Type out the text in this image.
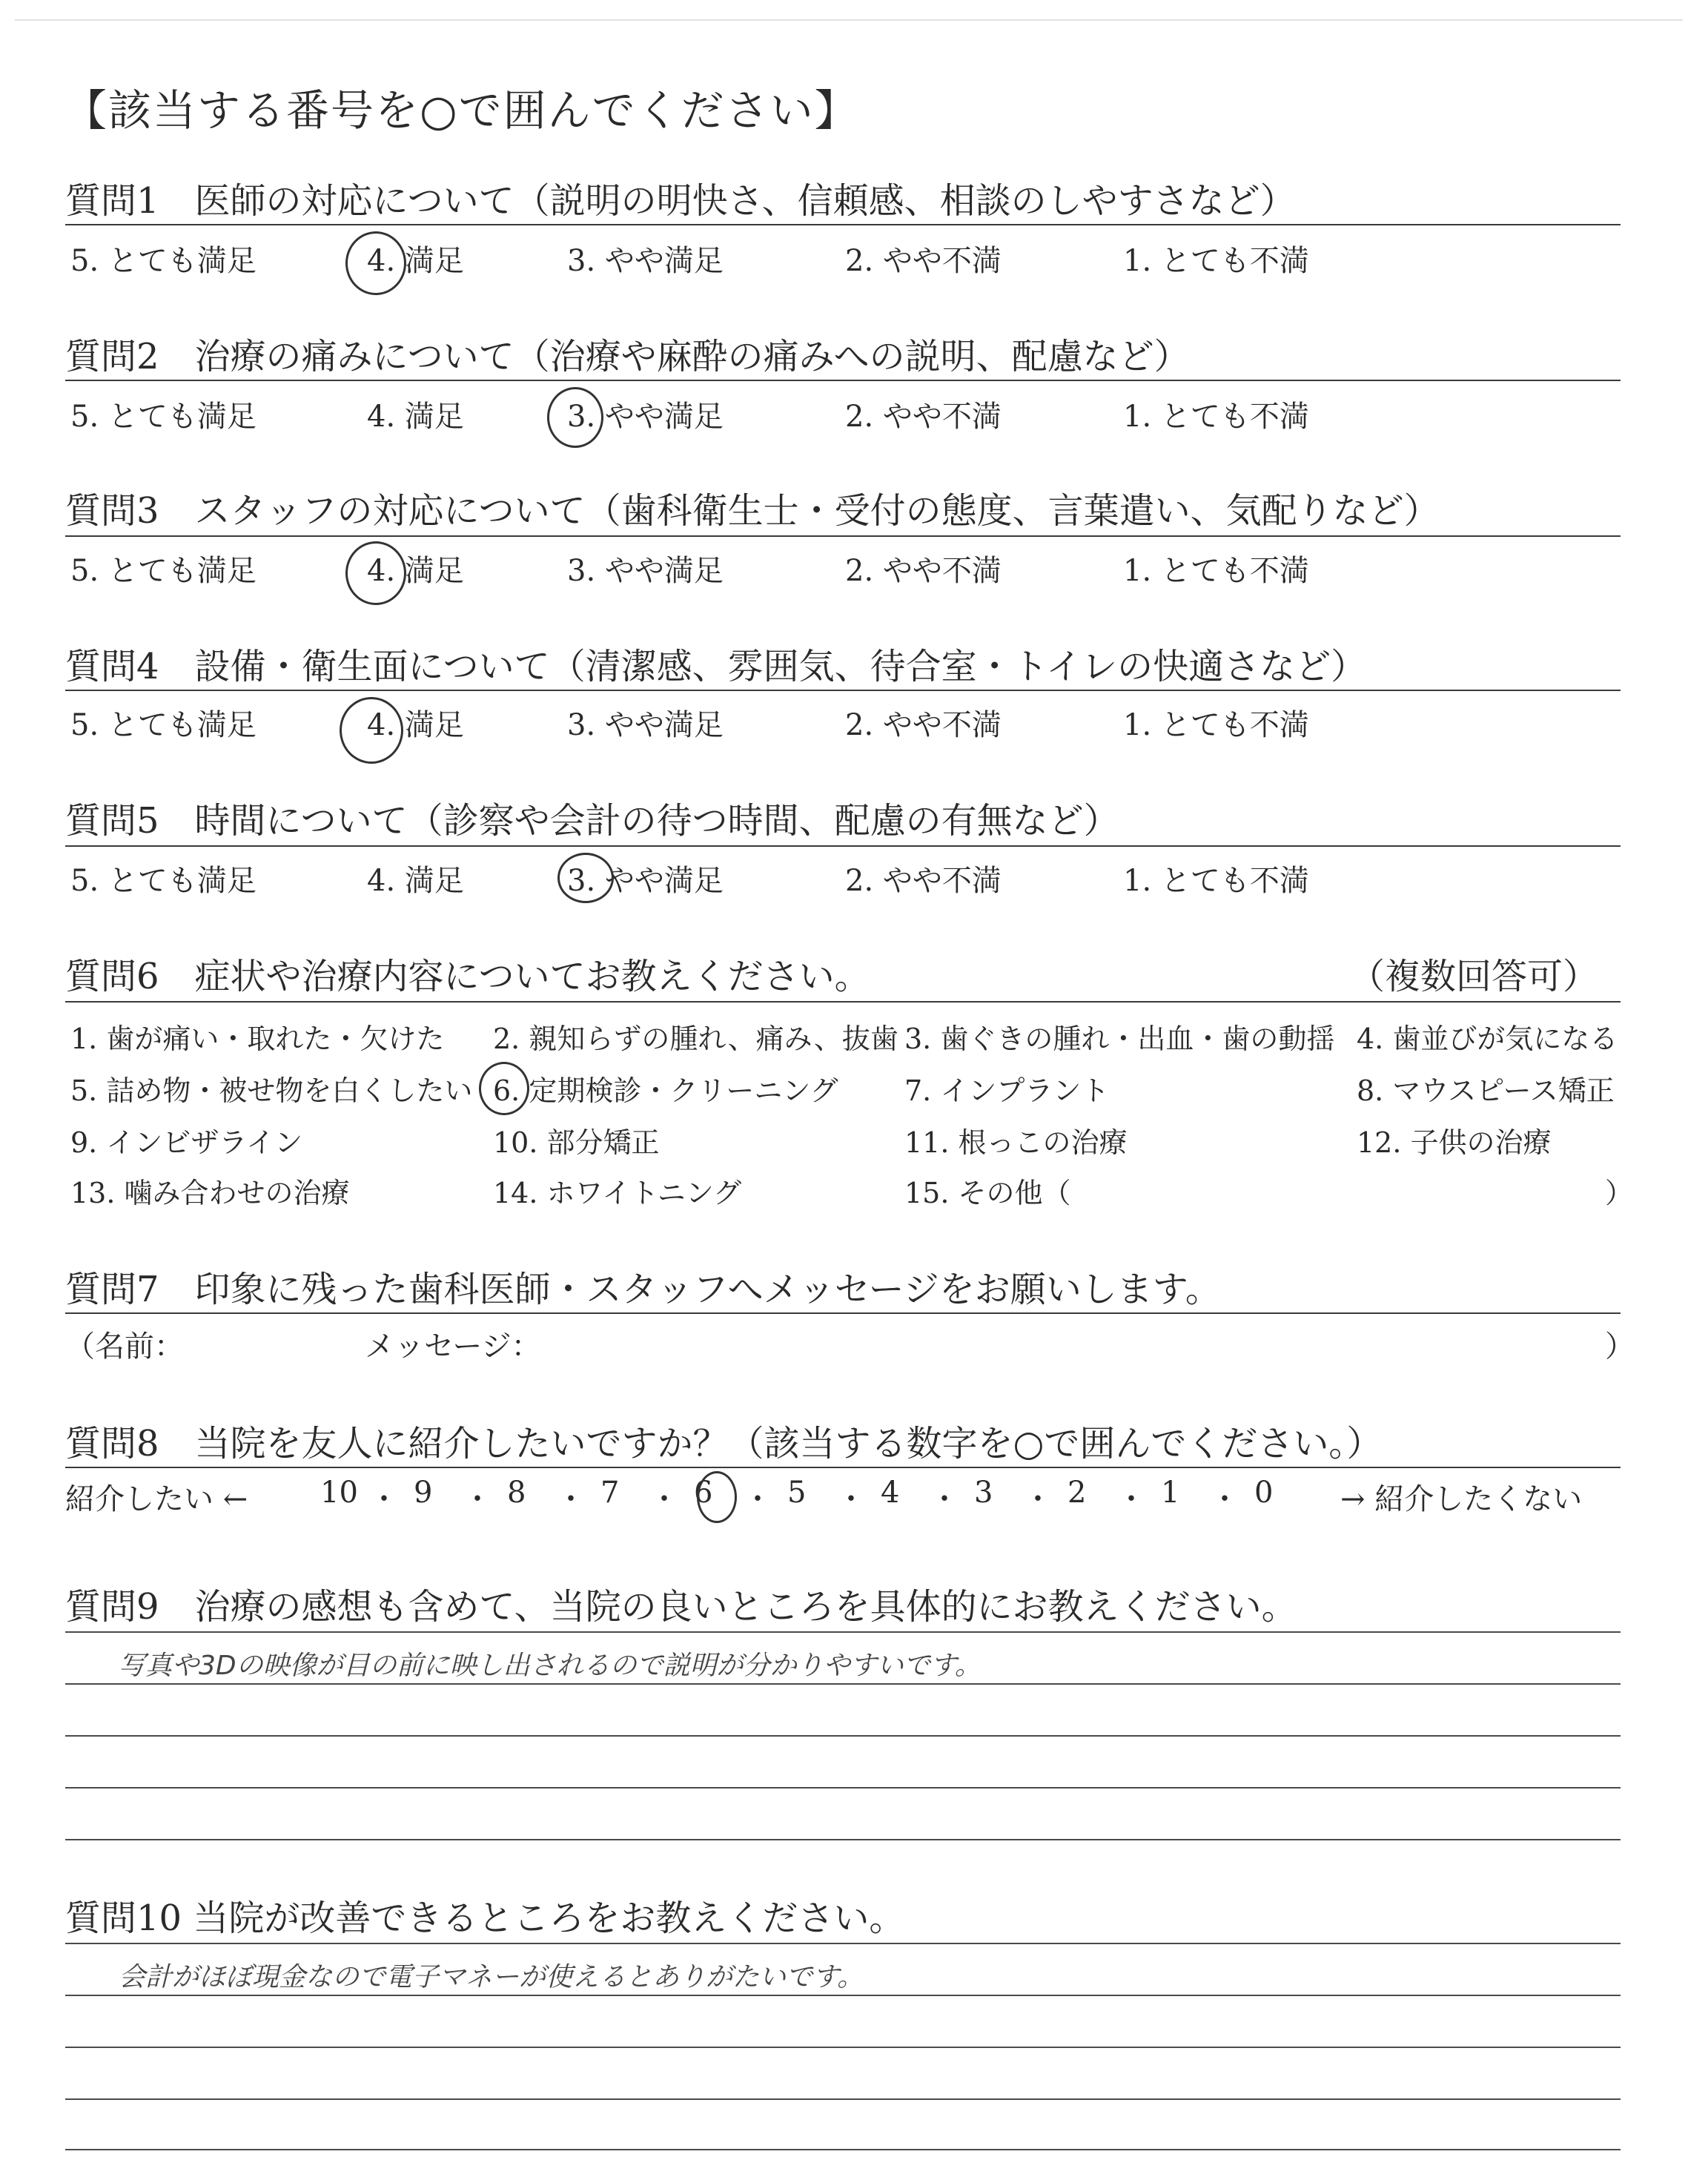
【該当する番号を○で囲んでください】
質問1　医師の対応について（説明の明快さ、信頼感、相談のしやすさなど）
5. とても満足	4. 満足	3. やや満足	2. やや不満	1. とても不満
質問2　治療の痛みについて（治療や麻酔の痛みへの説明、配慮など）
5. とても満足	4. 満足	3. やや満足	2. やや不満	1. とても不満
質問3　スタッフの対応について（歯科衛生士・受付の態度、言葉遣い、気配りなど）
5. とても満足	4. 満足	3. やや満足	2. やや不満	1. とても不満
質問4　設備・衛生面について（清潔感、雰囲気、待合室・トイレの快適さなど）
5. とても満足	4. 満足	3. やや満足	2. やや不満	1. とても不満
質問5　時間について（診察や会計の待つ時間、配慮の有無など）
5. とても満足	4. 満足	3. やや満足	2. やや不満	1. とても不満
質問6　症状や治療内容についてお教えください。	（複数回答可）
1. 歯が痛い・取れた・欠けた 2. 親知らずの腫れ、痛み、抜歯 3. 歯ぐきの腫れ・出血・歯の動揺 4. 歯並びが気になる
5. 詰め物・被せ物を白くしたい 6. 定期検診・クリーニング 7. インプラント	8. マウスピース矯正
9. インビザライン	10. 部分矯正	11. 根っこの治療	12. 子供の治療
13. 噛み合わせの治療	14. ホワイトニング	15. その他（	）
質問7　印象に残った歯科医師・スタッフへメッセージをお願いします。
（名前：	メッセージ：	）
質問8　当院を友人に紹介したいですか？（該当する数字を○で囲んでください。）
紹介したい ← 10 ・ 9 ・ 8 ・ 7 ・ 6 ・ 5 ・ 4 ・ 3 ・ 2 ・ 1 ・ 0 → 紹介したくない
質問9　治療の感想も含めて、当院の良いところを具体的にお教えください。
写真や3Dの映像が目の前に映し出されるので説明が分かりやすいです。
質問10 当院が改善できるところをお教えください。
会計がほぼ現金なので電子マネーが使えるとありがたいです。
